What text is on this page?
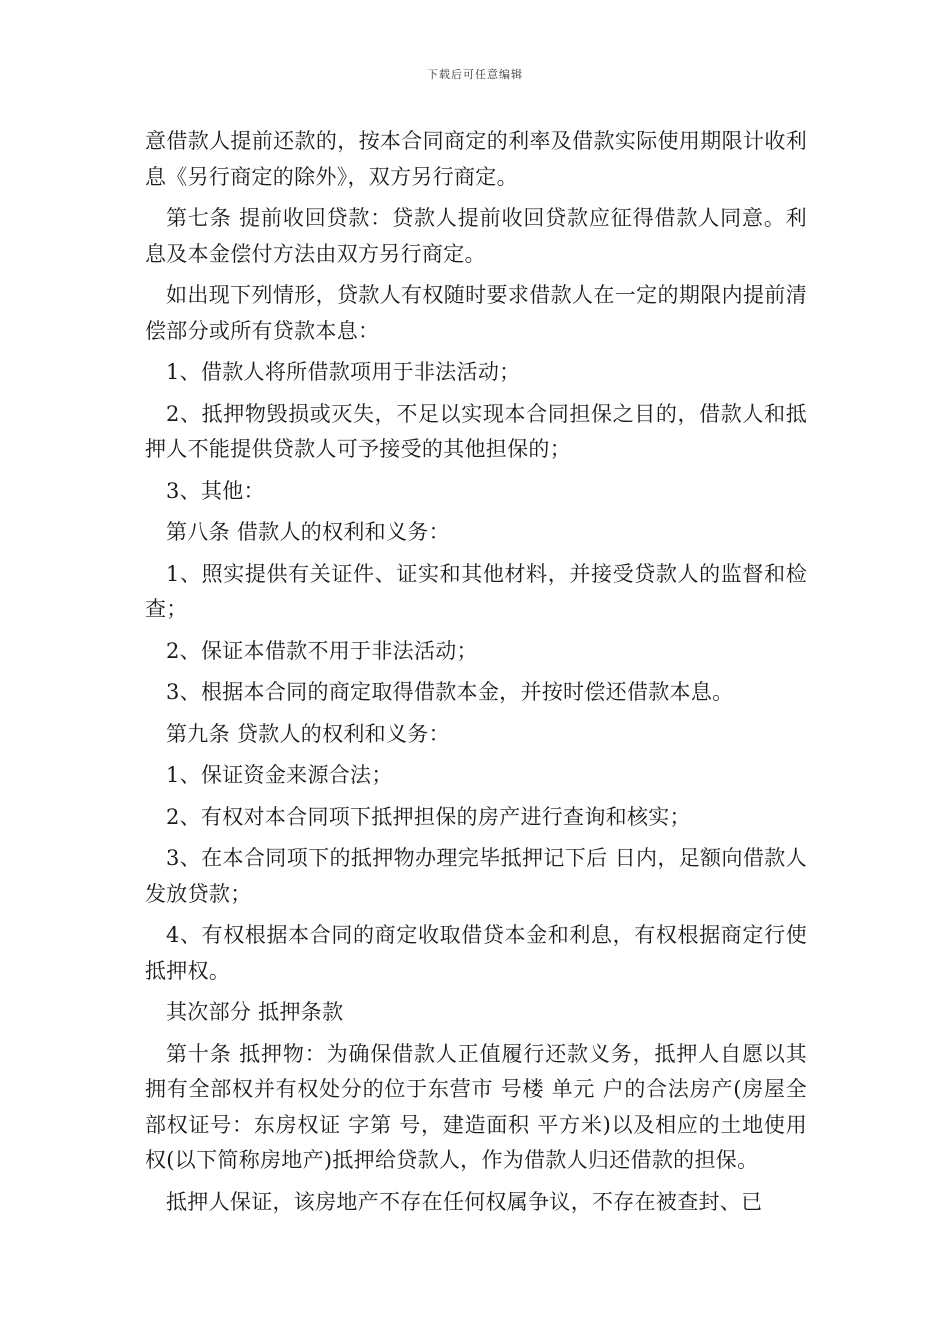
下载后可任意编辑

意借款人提前还款的，按本合同商定的利率及借款实际使用期限计收利息《另行商定的除外》，双方另行商定。

第七条 提前收回贷款：贷款人提前收回贷款应征得借款人同意。利息及本金偿付方法由双方另行商定。

如出现下列情形，贷款人有权随时要求借款人在一定的期限内提前清偿部分或所有贷款本息：

1、借款人将所借款项用于非法活动；

2、抵押物毁损或灭失，不足以实现本合同担保之目的，借款人和抵押人不能提供贷款人可予接受的其他担保的；

3、其他：

第八条 借款人的权利和义务：

1、照实提供有关证件、证实和其他材料，并接受贷款人的监督和检查；

2、保证本借款不用于非法活动；

3、根据本合同的商定取得借款本金，并按时偿还借款本息。

第九条 贷款人的权利和义务：

1、保证资金来源合法；

2、有权对本合同项下抵押担保的房产进行查询和核实；

3、在本合同项下的抵押物办理完毕抵押记下后 日内，足额向借款人发放贷款；

4、有权根据本合同的商定收取借贷本金和利息，有权根据商定行使抵押权。

其次部分 抵押条款

第十条 抵押物：为确保借款人正值履行还款义务，抵押人自愿以其拥有全部权并有权处分的位于东营市 号楼 单元 户的合法房产(房屋全部权证号：东房权证 字第 号，建造面积 平方米)以及相应的土地使用权(以下简称房地产)抵押给贷款人，作为借款人归还借款的担保。

抵押人保证，该房地产不存在任何权属争议，不存在被查封、已
